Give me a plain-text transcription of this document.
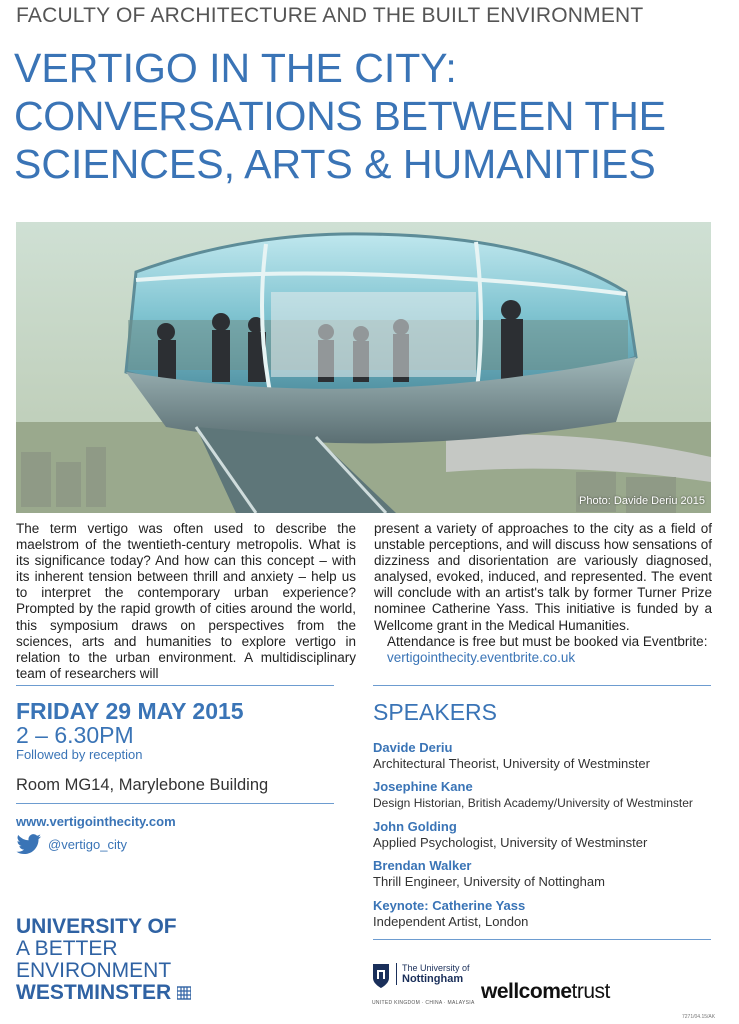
FACULTY OF ARCHITECTURE AND THE BUILT ENVIRONMENT
VERTIGO IN THE CITY:
CONVERSATIONS BETWEEN THE
SCIENCES, ARTS & HUMANITIES
Photo: Davide Deriu 2015
The term vertigo was often used to describe the maelstrom of the twentieth-century metropolis. What is its significance today? And how can this concept – with its inherent tension between thrill and anxiety – help us to interpret the contemporary urban experience? Prompted by the rapid growth of cities around the world, this symposium draws on perspectives from the sciences, arts and humanities to explore vertigo in relation to the urban environment. A multidisciplinary team of researchers will
present a variety of approaches to the city as a field of unstable perceptions, and will discuss how sensations of dizziness and disorientation are variously diagnosed, analysed, evoked, induced, and represented. The event will conclude with an artist's talk by former Turner Prize nominee Catherine Yass. This initiative is funded by a Wellcome grant in the Medical Humanities.
Attendance is free but must be booked via Eventbrite:
vertigointhecity.eventbrite.co.uk
FRIDAY 29 MAY 2015
2 – 6.30PM
Followed by reception
Room MG14, Marylebone Building
www.vertigointhecity.com
@vertigo_city
SPEAKERS
Davide Deriu
Architectural Theorist, University of Westminster
Josephine Kane
Design Historian, British Academy/University of Westminster
John Golding
Applied Psychologist, University of Westminster
Brendan Walker
Thrill Engineer, University of Nottingham
Keynote: Catherine Yass
Independent Artist, London
UNIVERSITY OF
A BETTER
ENVIRONMENT
WESTMINSTER
The University of
Nottingham
UNITED KINGDOM · CHINA · MALAYSIA wellcometrust
7271/04.15/AK
